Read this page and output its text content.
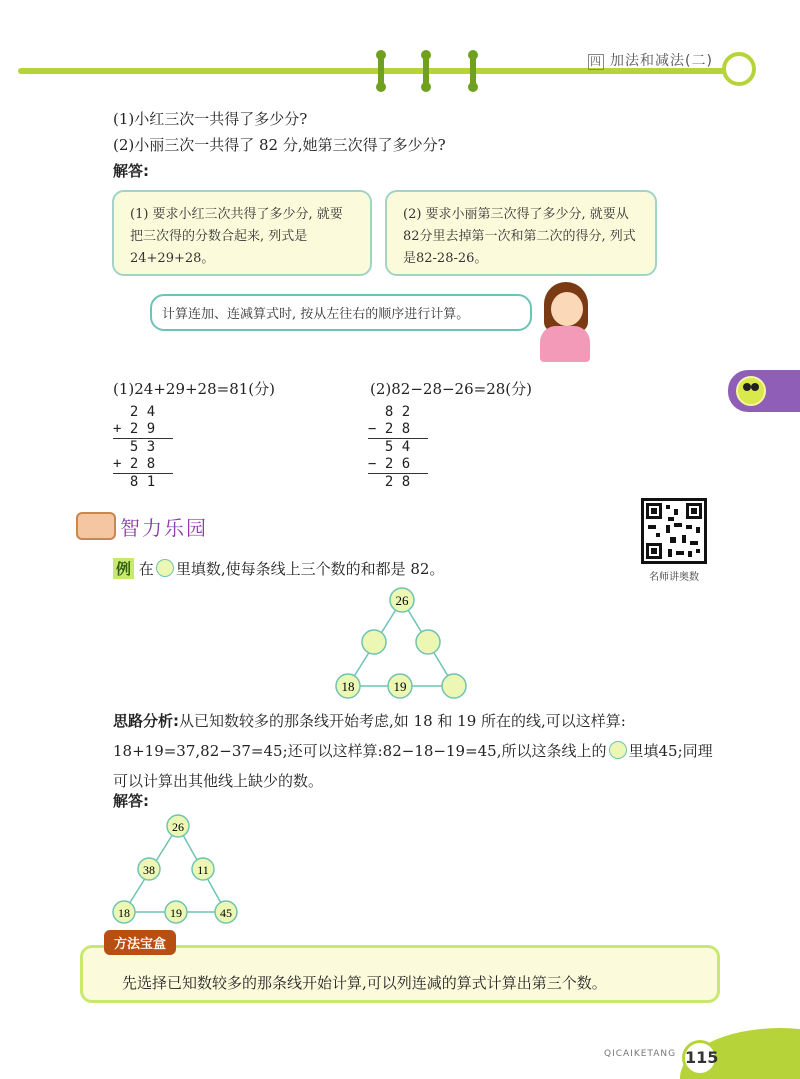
四 加法和减法(二)
(1)小红三次一共得了多少分?
(2)小丽三次一共得了 82 分,她第三次得了多少分?
解答:
(1) 要求小红三次共得了多少分, 就要把三次得的分数合起来, 列式是24+29+28。
(2) 要求小丽第三次得了多少分, 就要从82分里去掉第一次和第二次的得分, 列式是82-28-26。
计算连加、连减算式时, 按从左往右的顺序进行计算。
(1)24+29+28=81(分)	(2)82−28−26=28(分)
2 4
+ 2 9
5 3
+ 2 8
8 1
8 2
− 2 8
5 4
− 2 6
2 8
智力乐园
名师讲奥数
例 在 里填数,使每条线上三个数的和都是 82。
26
18	19
思路分析:从已知数较多的那条线开始考虑,如 18 和 19 所在的线,可以这样算: 18+19=37,82−37=45;还可以这样算:82−18−19=45,所以这条线上的 里填45;同理可以计算出其他线上缺少的数。
解答:
26
38	11
18	19	45
方法宝盒
先选择已知数较多的那条线开始计算,可以列连减的算式计算出第三个数。
QICAIKETANG 115
